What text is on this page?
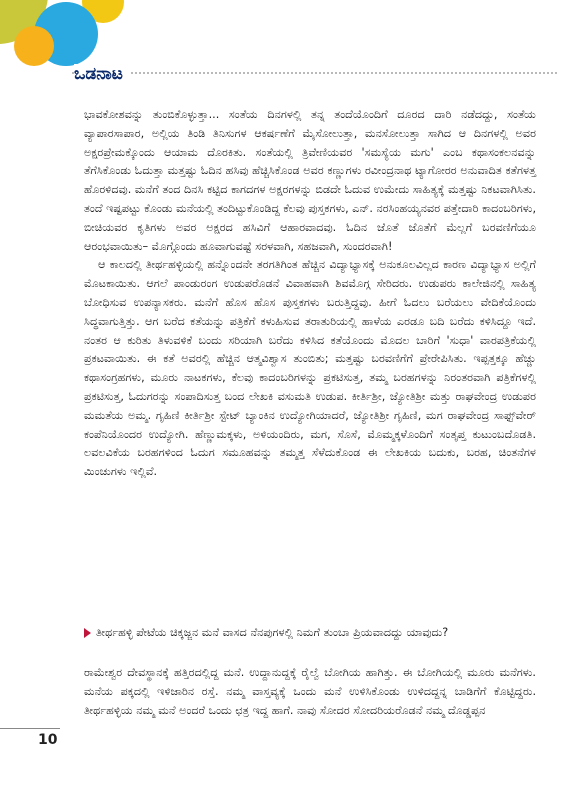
ಒಡನಾಟ

ಭಾವಕೋಶವನ್ನು ತುಂಬಿಕೊಳ್ಳುತ್ತಾ... ಸಂತೆಯ ದಿನಗಳಲ್ಲಿ ತನ್ನ ತಂದೆಯೊಂದಿಗೆ ದೂರದ ದಾರಿ ನಡೆದದ್ದು, ಸಂತೆಯ ವ್ಯಾಪಾರಸಾಪಾರ, ಅಲ್ಲಿಯ ತಿಂಡಿ ತಿನಿಸುಗಳ ಆಕರ್ಷಣೆಗೆ ಮೈಸೋಲುತ್ತಾ, ಮನಸೋಲುತ್ತಾ ಸಾಗಿದ ಆ ದಿನಗಳಲ್ಲಿ ಅವರ ಅಕ್ಷರಪ್ರೇಮಕ್ಕೊಂದು ಆಯಾಮ ದೊರಕಿತು. ಸಂತೆಯಲ್ಲಿ ತ್ರಿವೇಣಿಯವರ 'ಸಮಸ್ಯೆಯ ಮಗು' ಎಂಬ ಕಥಾಸಂಕಲನವನ್ನು ತೆಗೆಸಿಕೊಂಡು ಓದುತ್ತಾ ಮತ್ತಷ್ಟು ಓದಿನ ಹಸಿವು ಹೆಚ್ಚಿಸಿಕೊಂಡ ಅವರ ಕಣ್ಣುಗಳು ರವೀಂದ್ರನಾಥ ಟ್ಯಾಗೋರರ ಅನುವಾದಿತ ಕತೆಗಳತ್ತ ಹೊರಳಿದವು. ಮನೆಗೆ ತಂದ ದಿನಸಿ ಕಟ್ಟಿದ ಕಾಗದಗಳ ಅಕ್ಷರಗಳನ್ನು ಬಿಡದೇ ಓದುವ ಉಮೇದು ಸಾಹಿತ್ಯಕ್ಕೆ ಮತ್ತಷ್ಟು ನಿಕಟವಾಗಿಸಿತು. ತಂದೆ ಇಷ್ಟಪಟ್ಟು ಕೊಂಡು ಮನೆಯಲ್ಲಿ ತಂದಿಟ್ಟುಕೊಂಡಿದ್ದ ಕೆಲವು ಪುಸ್ತಕಗಳು, ಎನ್. ನರಸಿಂಹಯ್ಯನವರ ಪತ್ತೇದಾರಿ ಕಾದಂಬರಿಗಳು, ಬೀಚಿಯವರ ಕೃತಿಗಳು ಅವರ ಅಕ್ಷರದ ಹಸಿವಿಗೆ ಆಹಾರವಾದವು. ಓದಿನ ಜೊತೆ ಜೊತೆಗೆ ಮೆಲ್ಲಗೆ ಬರವಣಿಗೆಯೂ ಆರಂಭವಾಯಿತು– ಮೊಗ್ಗೊಂದು ಹೂವಾಗುವಷ್ಟೆ ಸರಳವಾಗಿ, ಸಹಜವಾಗಿ, ಸುಂದರವಾಗಿ!

ಆ ಕಾಲದಲ್ಲಿ ತೀರ್ಥಹಳ್ಳಿಯಲ್ಲಿ ಹನ್ನೊಂದನೇ ತರಗತಿಗಿಂತ ಹೆಚ್ಚಿನ ವಿದ್ಯಾಭ್ಯಾಸಕ್ಕೆ ಅನುಕೂಲವಿಲ್ಲದ ಕಾರಣ ವಿದ್ಯಾಭ್ಯಾಸ ಅಲ್ಲಿಗೆ ಮೊಟಕಾಯಿತು. ಆಗಲೆ ಪಾಂಡುರಂಗ ಉಡುಪರೊಡನೆ ವಿವಾಹವಾಗಿ ಶಿವಮೊಗ್ಗ ಸೇರಿದರು. ಉಡುಪರು ಕಾಲೇಜಿನಲ್ಲಿ ಸಾಹಿತ್ಯ ಬೋಧಿಸುವ ಉಪನ್ಯಾಸಕರು. ಮನೆಗೆ ಹೊಸ ಹೊಸ ಪುಸ್ತಕಗಳು ಬರುತ್ತಿದ್ದವು. ಹೀಗೆ ಓದಲು ಬರೆಯಲು ವೇದಿಕೆಯೊಂದು ಸಿದ್ಧವಾಗುತ್ತಿತ್ತು. ಆಗ ಬರೆದ ಕತೆಯನ್ನು ಪತ್ರಿಕೆಗೆ ಕಳುಹಿಸುವ ತರಾತುರಿಯಲ್ಲಿ ಹಾಳೆಯ ಎರಡೂ ಬದಿ ಬರೆದು ಕಳಿಸಿದ್ದೂ ಇದೆ. ನಂತರ ಆ ಕುರಿತು ತಿಳುವಳಿಕೆ ಬಂದು ಸರಿಯಾಗಿ ಬರೆದು ಕಳಿಸಿದ ಕತೆಯೊಂದು ಮೊದಲ ಬಾರಿಗೆ 'ಸುಧಾ' ವಾರಪತ್ರಿಕೆಯಲ್ಲಿ ಪ್ರಕಟವಾಯಿತು. ಈ ಕತೆ ಅವರಲ್ಲಿ ಹೆಚ್ಚಿನ ಆತ್ಮವಿಶ್ವಾಸ ತುಂಬಿತು; ಮತ್ತಷ್ಟು ಬರವಣಿಗೆಗೆ ಪ್ರೇರೇಪಿಸಿತು. ಇಪ್ಪತ್ತಕ್ಕೂ ಹೆಚ್ಚು ಕಥಾಸಂಗ್ರಹಗಳು, ಮೂರು ನಾಟಕಗಳು, ಕೆಲವು ಕಾದಂಬರಿಗಳನ್ನು ಪ್ರಕಟಿಸುತ್ತ, ತಮ್ಮ ಬರಹಗಳನ್ನು ನಿರಂತರವಾಗಿ ಪತ್ರಿಕೆಗಳಲ್ಲಿ ಪ್ರಕಟಿಸುತ್ತ, ಓದುಗರನ್ನು ಸಂಪಾದಿಸುತ್ತ ಬಂದ ಲೇಖಕಿ ವಸುಮತಿ ಉಡುಪ. ಕೀರ್ತಿಶ್ರೀ, ಜ್ಯೋತಿಶ್ರೀ ಮತ್ತು ರಾಘವೇಂದ್ರ ಉಡುಪರ ಮಮತೆಯ ಅಮ್ಮ. ಗೃಹಿಣಿ ಕೀರ್ತಿಶ್ರೀ ಸ್ಟೇಟ್ ಬ್ಯಾಂಕಿನ ಉದ್ಯೋಗಿಯಾದರೆ, ಜ್ಯೋತಿಶ್ರೀ ಗೃಹಿಣಿ, ಮಗ ರಾಘವೇಂದ್ರ ಸಾಫ್ಟ್‌ವೇರ್ ಕಂಪೆನಿಯೊಂದರ ಉದ್ಯೋಗಿ. ಹೆಣ್ಣುಮಕ್ಕಳು, ಅಳಿಯಂದಿರು, ಮಗ, ಸೊಸೆ, ಮೊಮ್ಮಕ್ಕಳೊಂದಿಗೆ ಸಂತೃಪ್ತ ಕುಟುಂಬದೊಡತಿ. ಲವಲವಿಕೆಯ ಬರಹಗಳಿಂದ ಓದುಗ ಸಮೂಹವನ್ನು ತಮ್ಮತ್ತ ಸೆಳೆದುಕೊಂಡ ಈ ಲೇಖಕಿಯ ಬದುಕು, ಬರಹ, ಚಿಂತನೆಗಳ ಮಿಂಚುಗಳು ಇಲ್ಲಿವೆ.

ತೀರ್ಥಹಳ್ಳಿ ಪೇಟೆಯ ಚಿಕ್ಕಜ್ಜನ ಮನೆ ವಾಸದ ನೆನಪುಗಳಲ್ಲಿ ನಿಮಗೆ ತುಂಬಾ ಪ್ರಿಯವಾದದ್ದು ಯಾವುದು?
ರಾಮೇಶ್ವರ ದೇವಸ್ಥಾನಕ್ಕೆ ಹತ್ತಿರದಲ್ಲಿದ್ದ ಮನೆ. ಉದ್ದಾನುದ್ದಕ್ಕೆ ರೈಲ್ವೆ ಬೋಗಿಯ ಹಾಗಿತ್ತು. ಈ ಬೋಗಿಯಲ್ಲಿ ಮೂರು ಮನೆಗಳು. ಮನೆಯ ಪಕ್ಕದಲ್ಲಿ ಇಳಿಜಾರಿನ ರಸ್ತೆ. ನಮ್ಮ ವಾಸ್ತವ್ಯಕ್ಕೆ ಒಂದು ಮನೆ ಉಳಿಸಿಕೊಂಡು ಉಳಿದದ್ದನ್ನ ಬಾಡಿಗೆಗೆ ಕೊಟ್ಟಿದ್ದರು. ತೀರ್ಥಹಳ್ಳಿಯ ನಮ್ಮ ಮನೆ ಅಂದರೆ ಒಂದು ಛತ್ರ ಇದ್ದ ಹಾಗೆ. ನಾವು ಸೋದರ ಸೋದರಿಯರೊಡನೆ ನಮ್ಮ ದೊಡ್ಡಪ್ಪನ
10
